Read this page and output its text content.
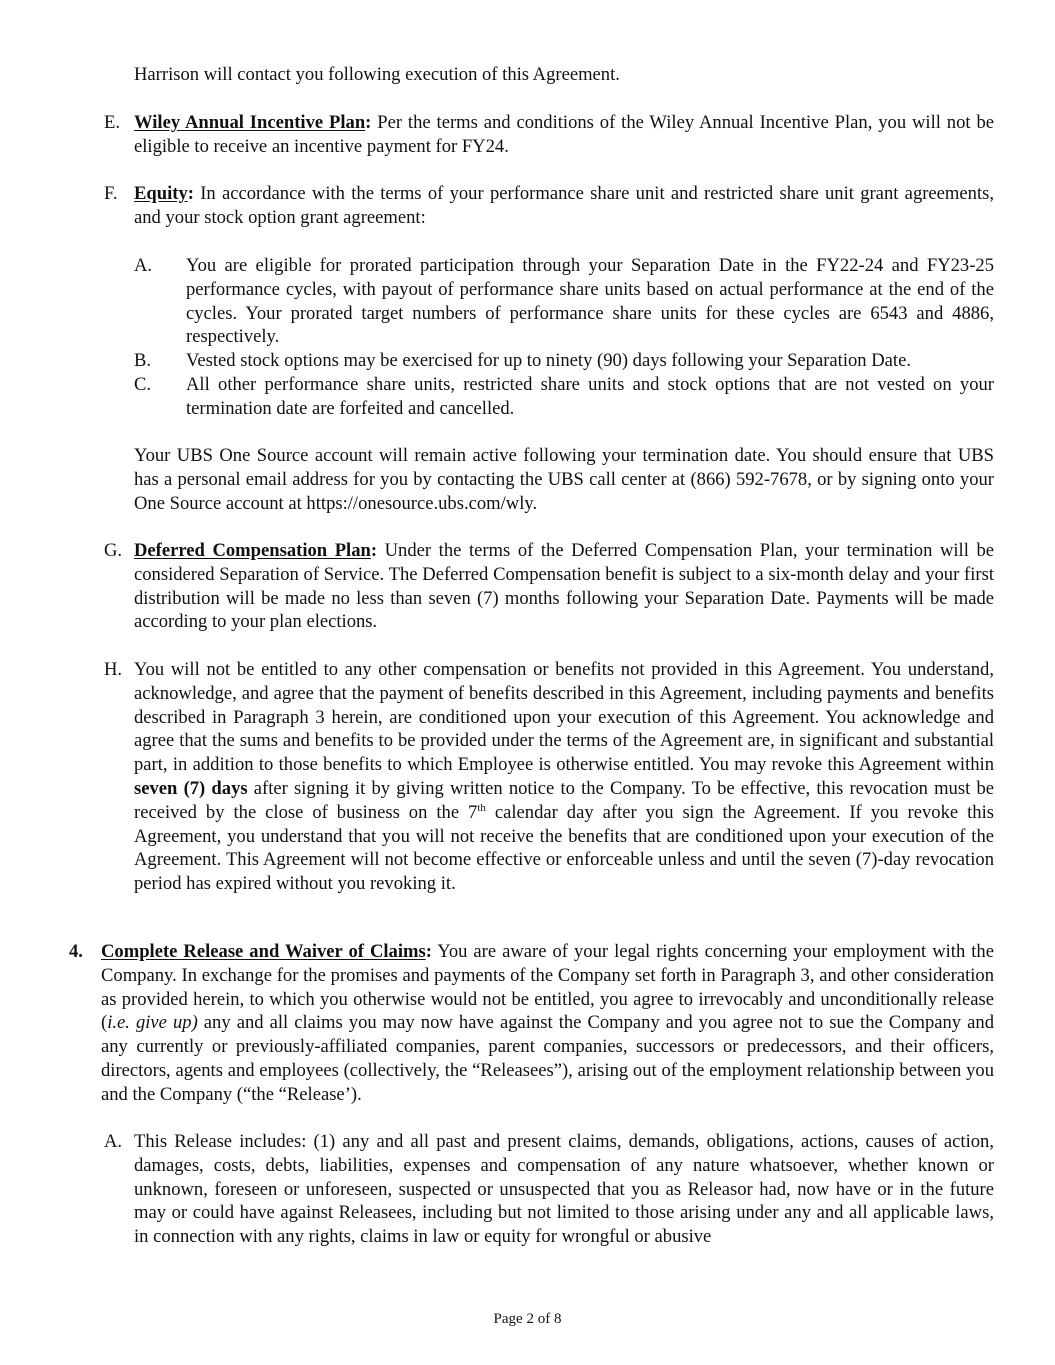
Harrison will contact you following execution of this Agreement.
E. Wiley Annual Incentive Plan: Per the terms and conditions of the Wiley Annual Incentive Plan, you will not be eligible to receive an incentive payment for FY24.
F. Equity: In accordance with the terms of your performance share unit and restricted share unit grant agreements, and your stock option grant agreement:
A. You are eligible for prorated participation through your Separation Date in the FY22-24 and FY23-25 performance cycles, with payout of performance share units based on actual performance at the end of the cycles. Your prorated target numbers of performance share units for these cycles are 6543 and 4886, respectively.
B. Vested stock options may be exercised for up to ninety (90) days following your Separation Date.
C. All other performance share units, restricted share units and stock options that are not vested on your termination date are forfeited and cancelled.
Your UBS One Source account will remain active following your termination date. You should ensure that UBS has a personal email address for you by contacting the UBS call center at (866) 592-7678, or by signing onto your One Source account at https://onesource.ubs.com/wly.
G. Deferred Compensation Plan: Under the terms of the Deferred Compensation Plan, your termination will be considered Separation of Service. The Deferred Compensation benefit is subject to a six-month delay and your first distribution will be made no less than seven (7) months following your Separation Date. Payments will be made according to your plan elections.
H. You will not be entitled to any other compensation or benefits not provided in this Agreement. You understand, acknowledge, and agree that the payment of benefits described in this Agreement, including payments and benefits described in Paragraph 3 herein, are conditioned upon your execution of this Agreement. You acknowledge and agree that the sums and benefits to be provided under the terms of the Agreement are, in significant and substantial part, in addition to those benefits to which Employee is otherwise entitled. You may revoke this Agreement within seven (7) days after signing it by giving written notice to the Company. To be effective, this revocation must be received by the close of business on the 7th calendar day after you sign the Agreement. If you revoke this Agreement, you understand that you will not receive the benefits that are conditioned upon your execution of the Agreement. This Agreement will not become effective or enforceable unless and until the seven (7)-day revocation period has expired without you revoking it.
4. Complete Release and Waiver of Claims: You are aware of your legal rights concerning your employment with the Company. In exchange for the promises and payments of the Company set forth in Paragraph 3, and other consideration as provided herein, to which you otherwise would not be entitled, you agree to irrevocably and unconditionally release (i.e. give up) any and all claims you may now have against the Company and you agree not to sue the Company and any currently or previously-affiliated companies, parent companies, successors or predecessors, and their officers, directors, agents and employees (collectively, the “Releasees”), arising out of the employment relationship between you and the Company (“the “Release’).
A. This Release includes: (1) any and all past and present claims, demands, obligations, actions, causes of action, damages, costs, debts, liabilities, expenses and compensation of any nature whatsoever, whether known or unknown, foreseen or unforeseen, suspected or unsuspected that you as Releasor had, now have or in the future may or could have against Releasees, including but not limited to those arising under any and all applicable laws, in connection with any rights, claims in law or equity for wrongful or abusive
Page 2 of 8
